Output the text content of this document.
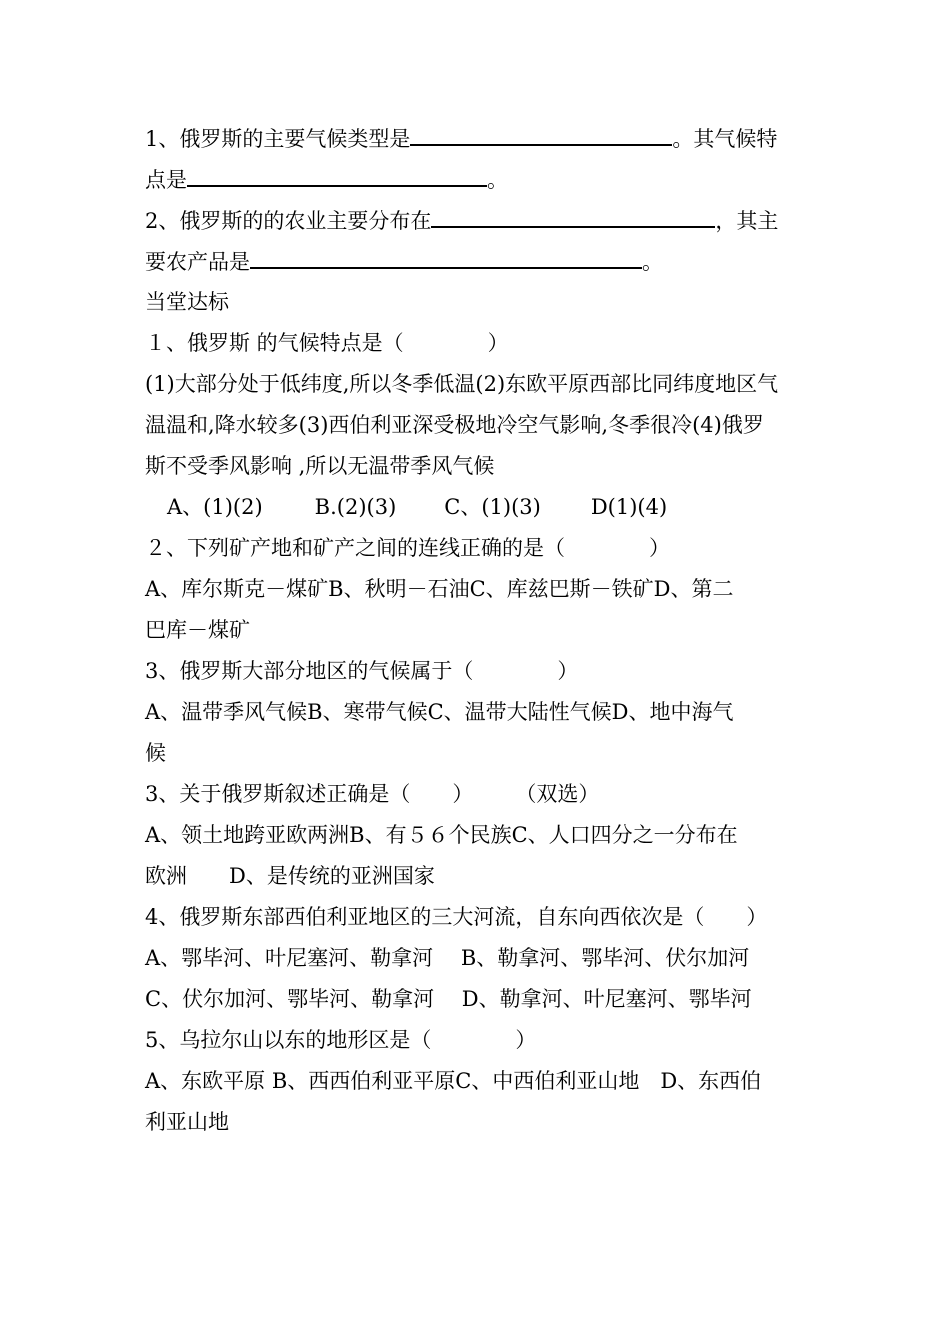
1、俄罗斯的主要气候类型是	。其气候特
点是	。
2、俄罗斯的的农业主要分布在	，其主
要农产品是	。
当堂达标
１、俄罗斯 的气候特点是（　　　　）
(1)大部分处于低纬度,所以冬季低温(2)东欧平原西部比同纬度地区气
温温和,降水较多(3)西伯利亚深受极地冷空气影响,冬季很冷(4)俄罗
斯不受季风影响 ,所以无温带季风气候
A、(1)(2) B.(2)(3) C、(1)(3) D(1)(4)
２、下列矿产地和矿产之间的连线正确的是（　　　　）
A、库尔斯克－煤矿B、秋明－石油C、库兹巴斯－铁矿D、第二
巴库－煤矿
3、俄罗斯大部分地区的气候属于（　　　　）
A、温带季风气候B、寒带气候C、温带大陆性气候D、地中海气
候
3、关于俄罗斯叙述正确是（　　）　　　（双选）
A、领土地跨亚欧两洲B、有５６个民族C、人口四分之一分布在
欧洲　　D、是传统的亚洲国家
4、俄罗斯东部西伯利亚地区的三大河流，自东向西依次是（　　）
A、鄂毕河、叶尼塞河、勒拿河　 B、勒拿河、鄂毕河、伏尔加河
C、伏尔加河、鄂毕河、勒拿河　 D、勒拿河、叶尼塞河、鄂毕河
5、乌拉尔山以东的地形区是（　　　　）
A、东欧平原 B、西西伯利亚平原C、中西伯利亚山地　D、东西伯
利亚山地
